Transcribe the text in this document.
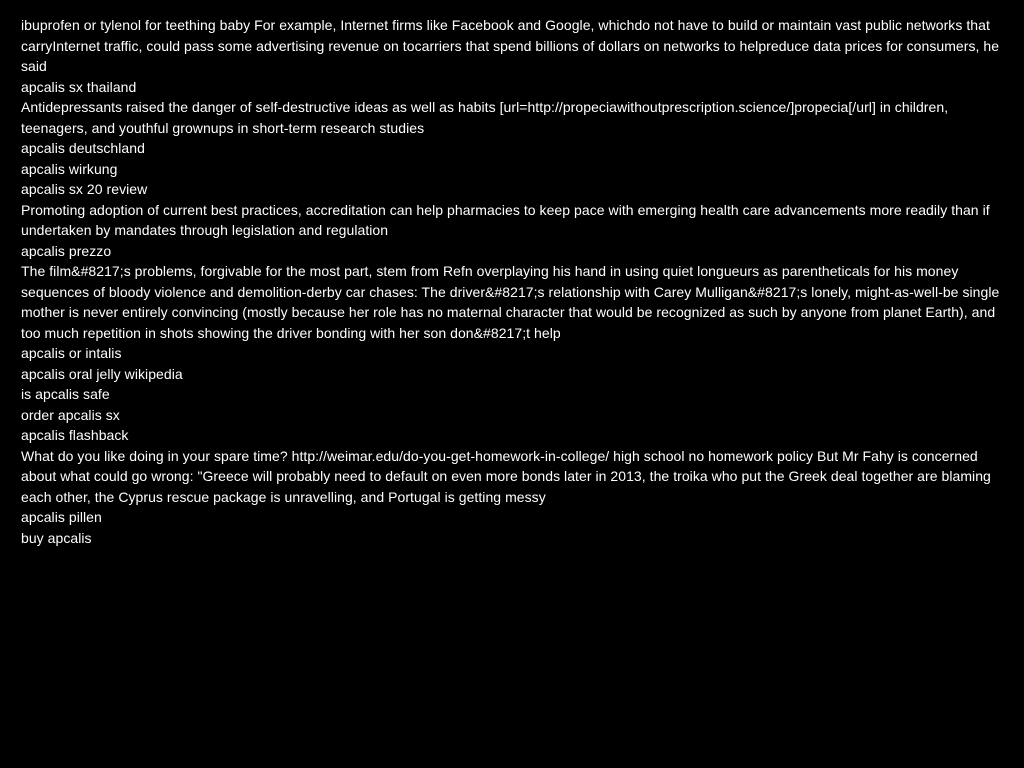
ibuprofen or tylenol for teething baby For example, Internet firms like Facebook and Google, whichdo not have to build or maintain vast public networks that carryInternet traffic, could pass some advertising revenue on tocarriers that spend billions of dollars on networks to helpreduce data prices for consumers, he said

apcalis sx thailand

Antidepressants raised the danger of self-destructive ideas as well as habits [url=http://propeciawithoutprescription.science/]propecia[/url] in children, teenagers, and youthful grownups in short-term research studies

apcalis deutschland

apcalis wirkung

apcalis sx 20 review

Promoting adoption of current best practices, accreditation can help pharmacies to keep pace with emerging health care advancements more readily than if undertaken by mandates through legislation and regulation

apcalis prezzo

The film&#8217;s problems, forgivable for the most part, stem from Refn overplaying his hand in using quiet longueurs as parentheticals for his money sequences of bloody violence and demolition-derby car chases: The driver&#8217;s relationship with Carey Mulligan&#8217;s lonely, might-as-well-be single mother is never entirely convincing (mostly because her role has no maternal character that would be recognized as such by anyone from planet Earth), and too much repetition in shots showing the driver bonding with her son don&#8217;t help

apcalis or intalis

apcalis oral jelly wikipedia

is apcalis safe

order apcalis sx

apcalis flashback

What do you like doing in your spare time? http://weimar.edu/do-you-get-homework-in-college/ high school no homework policy But Mr Fahy is concerned about what could go wrong: "Greece will probably need to default on even more bonds later in 2013, the troika who put the Greek deal together are blaming each other, the Cyprus rescue package is unravelling, and Portugal is getting messy

apcalis pillen

buy apcalis
